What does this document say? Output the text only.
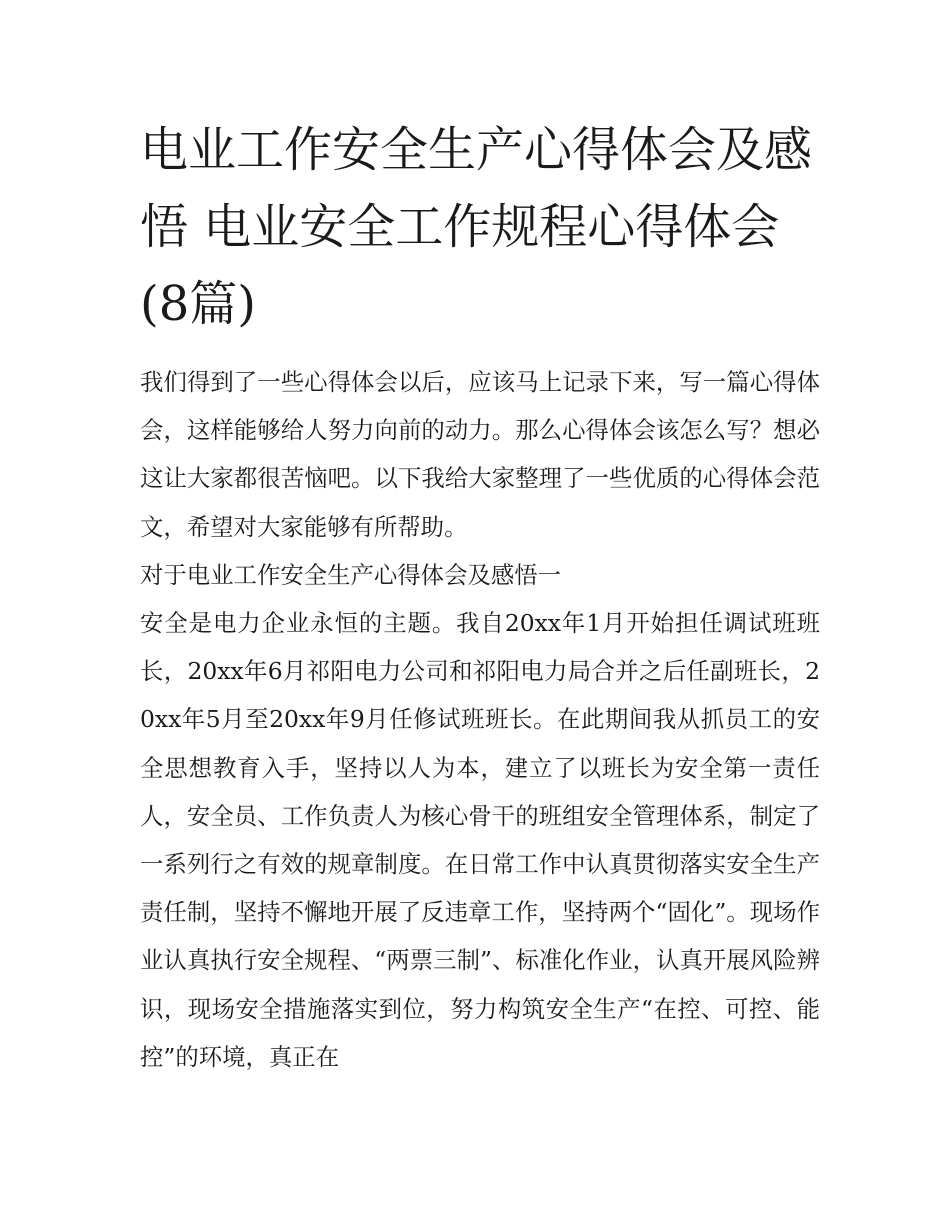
电业工作安全生产心得体会及感悟 电业安全工作规程心得体会(8篇)

我们得到了一些心得体会以后，应该马上记录下来，写一篇心得体会，这样能够给人努力向前的动力。那么心得体会该怎么写？想必这让大家都很苦恼吧。以下我给大家整理了一些优质的心得体会范文，希望对大家能够有所帮助。

对于电业工作安全生产心得体会及感悟一

安全是电力企业永恒的主题。我自20xx年1月开始担任调试班班长，20xx年6月祁阳电力公司和祁阳电力局合并之后任副班长，20xx年5月至20xx年9月任修试班班长。在此期间我从抓员工的安全思想教育入手，坚持以人为本，建立了以班长为安全第一责任人，安全员、工作负责人为核心骨干的班组安全管理体系，制定了一系列行之有效的规章制度。在日常工作中认真贯彻落实安全生产责任制，坚持不懈地开展了反违章工作，坚持两个“固化”。现场作业认真执行安全规程、“两票三制”、标准化作业，认真开展风险辨识，现场安全措施落实到位，努力构筑安全生产“在控、可控、能控”的环境，真正在
